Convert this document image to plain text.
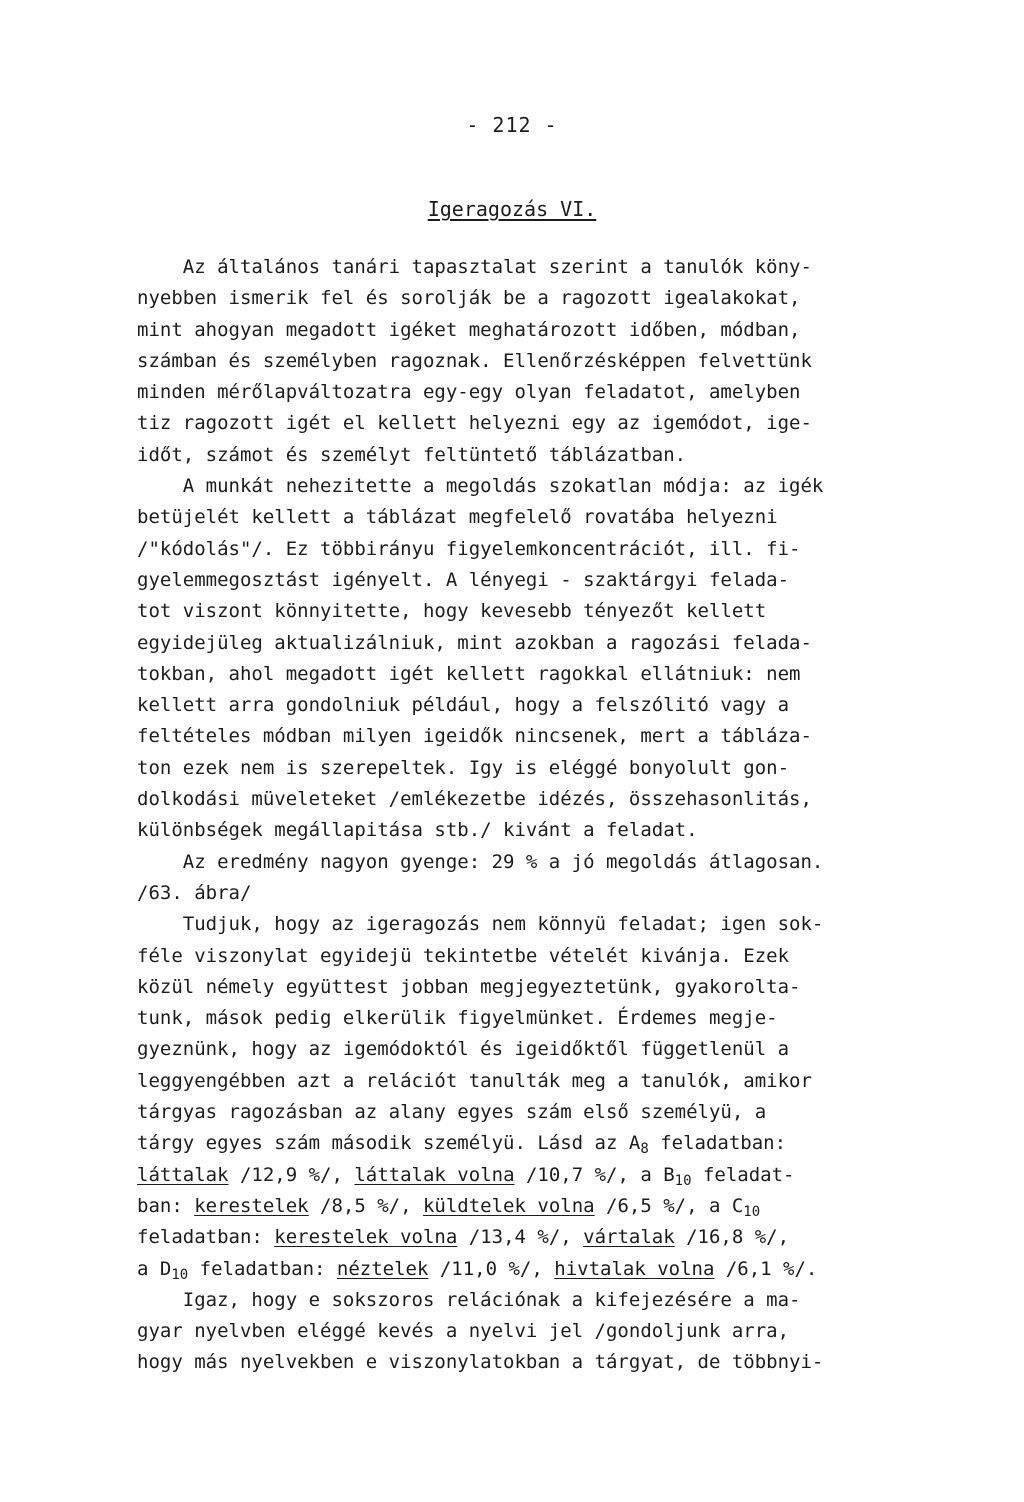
- 212 -
Igeragozás VI.
Az általános tanári tapasztalat szerint a tanulók köny-
nyebben ismerik fel és sorolják be a ragozott igealakokat,
mint ahogyan megadott igéket meghatározott időben, módban,
számban és személyben ragoznak. Ellenőrzésképpen felvettünk
minden mérőlapváltozatra egy-egy olyan feladatot, amelyben
tiz ragozott igét el kellett helyezni egy az igemódot, ige-
időt, számot és személyt feltüntető táblázatban.
A munkát nehezitette a megoldás szokatlan módja: az igék
betüjelét kellett a táblázat megfelelő rovatába helyezni
/"kódolás"/. Ez többirányu figyelemkoncentrációt, ill. fi-
gyelemmegosztást igényelt. A lényegi - szaktárgyi felada-
tot viszont könnyitette, hogy kevesebb tényezőt kellett
egyidejüleg aktualizálniuk, mint azokban a ragozási felada-
tokban, ahol megadott igét kellett ragokkal ellátniuk: nem
kellett arra gondolniuk például, hogy a felszólitó vagy a
feltételes módban milyen igeidők nincsenek, mert a tábláza-
ton ezek nem is szerepeltek. Igy is eléggé bonyolult gon-
dolkodási müveleteket /emlékezetbe idézés, összehasonlitás,
különbségek megállapitása stb./ kivánt a feladat.
Az eredmény nagyon gyenge: 29 % a jó megoldás átlagosan.
/63. ábra/
Tudjuk, hogy az igeragozás nem könnyü feladat; igen sok-
féle viszonylat egyidejü tekintetbe vételét kivánja. Ezek
közül némely együttest jobban megjegyeztetünk, gyakorolta-
tunk, mások pedig elkerülik figyelmünket. Érdemes megje-
gyeznünk, hogy az igemódoktól és igeidőktől függetlenül a
leggyengébben azt a relációt tanulták meg a tanulók, amikor
tárgyas ragozásban az alany egyes szám első személyü, a
tárgy egyes szám második személyü. Lásd az $A_8$ feladatban:
láttalak /12,9 %/, láttalak volna /10,7 %/, a $B_{10}$ feladat-
ban: kerestelek /8,5 %/, küldtelek volna /6,5 %/, a $C_{10}$
feladatban: kerestelek volna /13,4 %/, vártalak /16,8 %/,
a $D_{10}$ feladatban: néztelek /11,0 %/, hivtalak volna /6,1 %/.
Igaz, hogy e sokszoros relációnak a kifejezésére a ma-
gyar nyelvben eléggé kevés a nyelvi jel /gondoljunk arra,
hogy más nyelvekben e viszonylatokban a tárgyat, de többnyi-
